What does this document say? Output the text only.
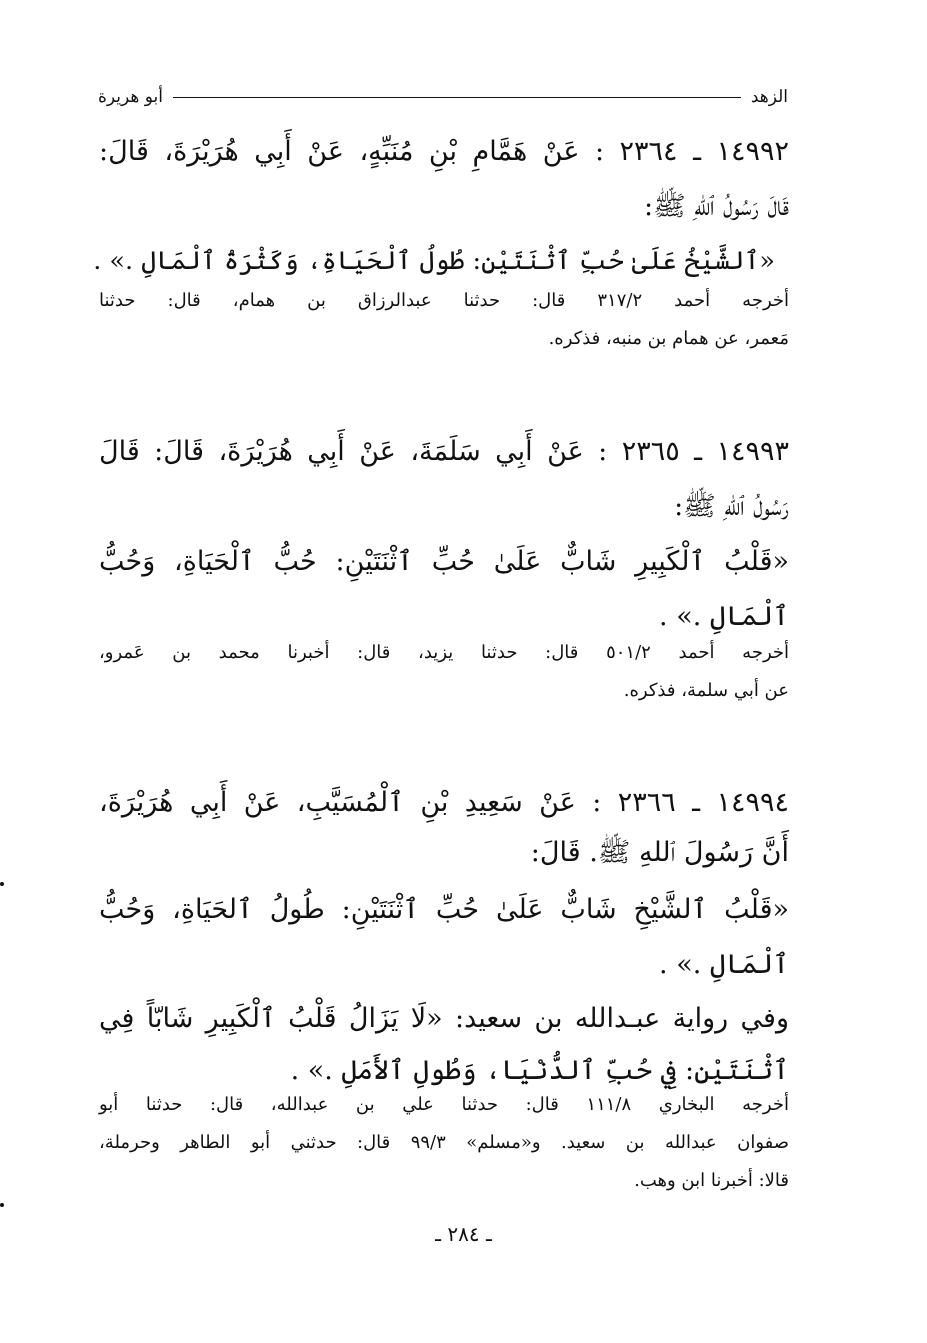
الزهد
أبو هريرة
١٤٩٩٢ ـ ٢٣٦٤ : عَنْ هَمَّامِ بْنِ مُنَبِّهٍ، عَنْ أَبِي هُرَيْرَةَ، قَالَ:
قَالَ رَسُولُ ٱللهِ ﷺ:
«ٱلشَّيْخُ عَلَىٰ حُبِّ ٱثْنَتَيْنِ: طُولُ ٱلْحَيَاةِ، وَكَثْرَةُ ٱلْمَالِ .» .
أخرجه أحمد ٣١٧/٢ قال: حدثنا عبدالرزاق بن همام، قال: حدثنا
مَعمر، عن همام بن منبه، فذكره.
١٤٩٩٣ ـ ٢٣٦٥ : عَنْ أَبِي سَلَمَةَ، عَنْ أَبِي هُرَيْرَةَ، قَالَ: قَالَ
رَسُولُ ٱللهِ ﷺ:
«قَلْبُ ٱلْكَبِيرِ شَابٌّ عَلَىٰ حُبِّ ٱثْنَتَيْنِ: حُبُّ ٱلْحَيَاةِ، وَحُبُّ
ٱلْمَالِ .» .
أخرجه أحمد ٥٠١/٢ قال: حدثنا يزيد، قال: أخبرنا محمد بن عَمرو،
عن أبي سلمة، فذكره.
١٤٩٩٤ ـ ٢٣٦٦ : عَنْ سَعِيدِ بْنِ ٱلْمُسَيَّبِ، عَنْ أَبِي هُرَيْرَةَ،
أَنَّ رَسُولَ ٱللهِ ﷺ. قَالَ:
«قَلْبُ ٱلشَّيْخِ شَابٌّ عَلَىٰ حُبِّ ٱثْنَتَيْنِ: طُولُ ٱلحَيَاةِ، وَحُبُّ
ٱلْمَالِ .» .
وفي رواية عبـدالله بن سعيد: «لَا يَزَالُ قَلْبُ ٱلْكَبِيرِ شَابّاً فِي
ٱثْنَتَيْنِ: فِي حُبِّ ٱلدُّنْيَا، وَطُولِ ٱلأَمَلِ .» .
أخرجه البخاري ١١١/٨ قال: حدثنا علي بن عبدالله، قال: حدثنا أبو
صفوان عبدالله بن سعيد. و«مسلم» ٩٩/٣ قال: حدثني أبو الطاهر وحرملة،
قالا: أخبرنا ابن وهب.
ـ ٢٨٤ ـ
